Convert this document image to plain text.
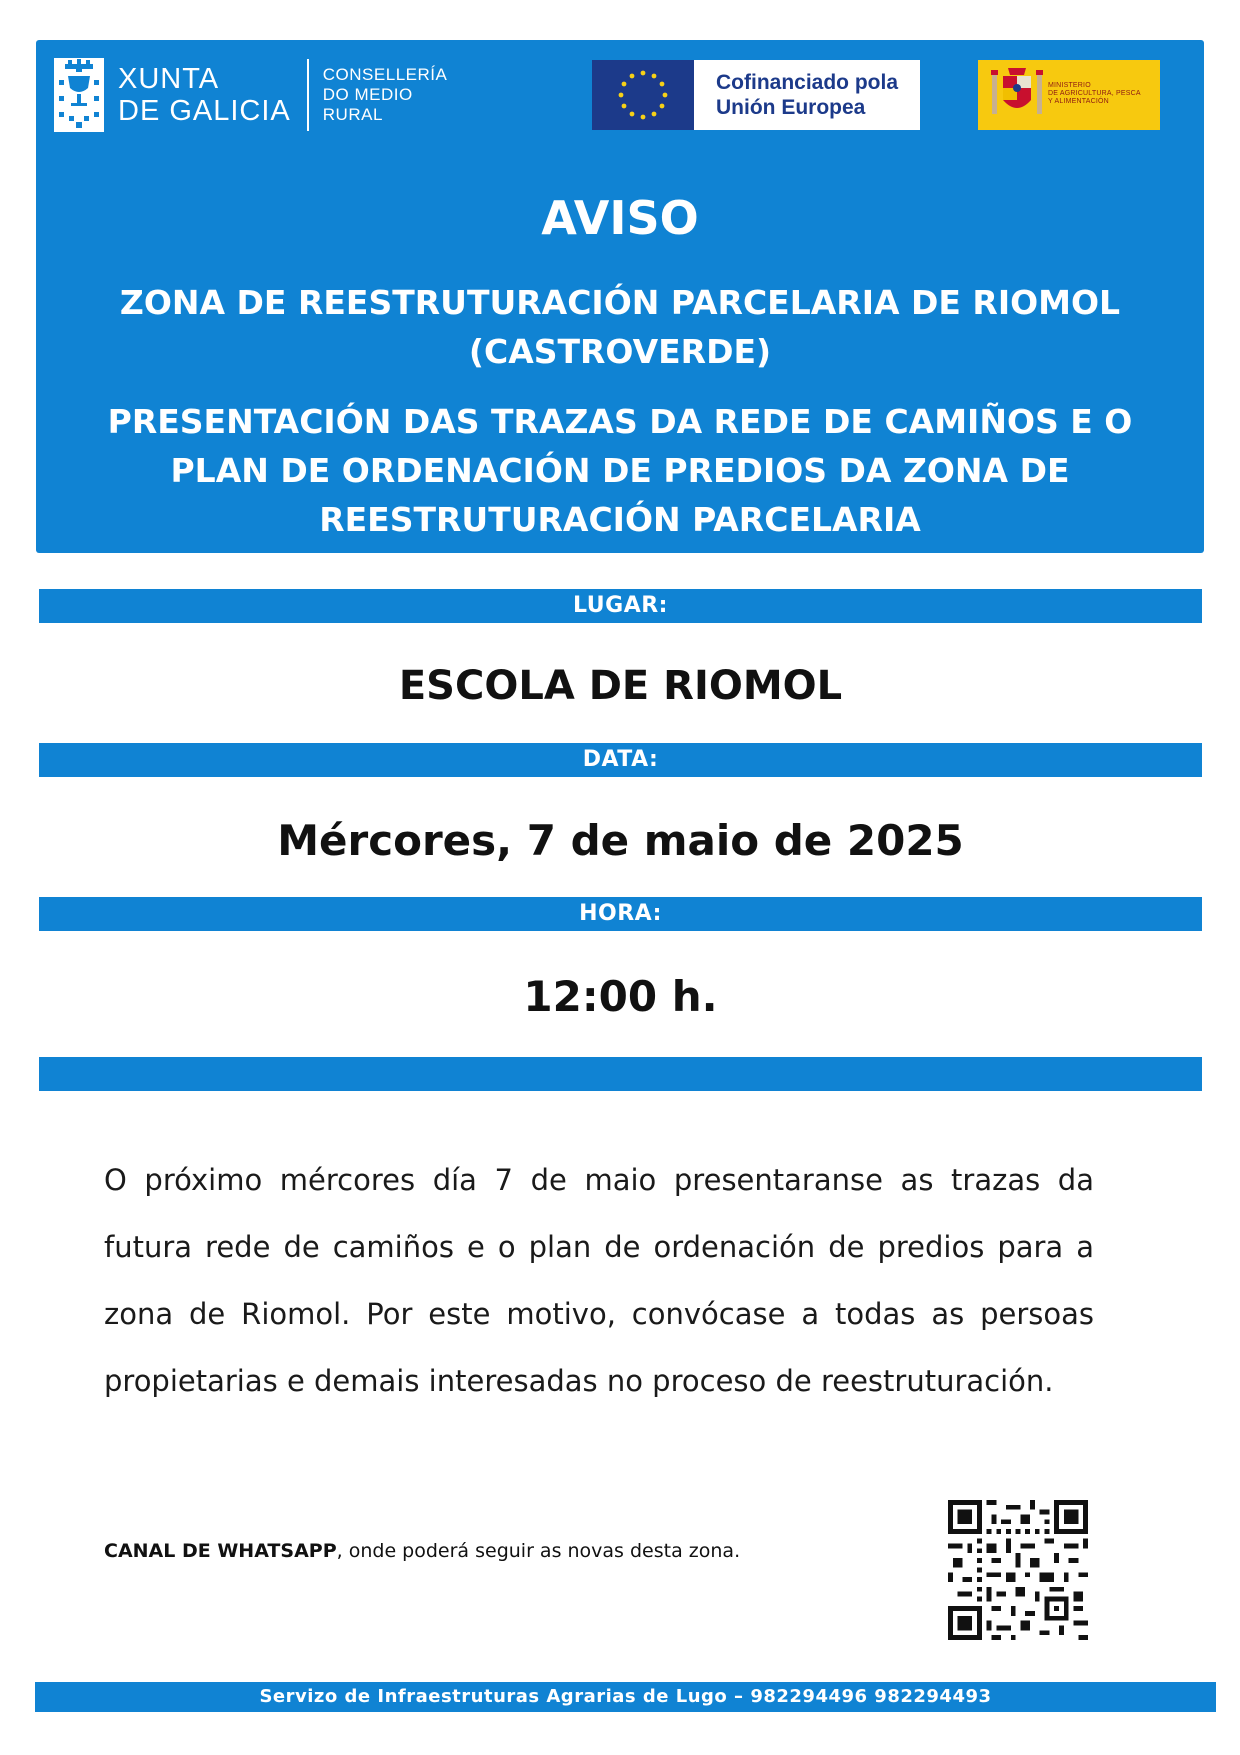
XUNTA
DE GALICIA
CONSELLERÍA
DO MEDIO
RURAL
Cofinanciado pola
Unión Europea
MINISTERIO
DE AGRICULTURA, PESCA
Y ALIMENTACIÓN
AVISO
ZONA DE REESTRUTURACIÓN PARCELARIA DE RIOMOL
(CASTROVERDE)
PRESENTACIÓN DAS TRAZAS DA REDE DE CAMIÑOS E O
PLAN DE ORDENACIÓN DE PREDIOS DA ZONA DE
REESTRUTURACIÓN PARCELARIA
LUGAR:
ESCOLA DE RIOMOL
DATA:
Mércores, 7 de maio de 2025
HORA:
12:00 h.

O próximo mércores día 7 de maio presentaranse as trazas da futura rede de camiños e o plan de ordenación de predios para a zona de Riomol. Por este motivo, convócase a todas as persoas propietarias e demais interesadas no proceso de reestruturación.

CANAL DE WHATSAPP, onde poderá seguir as novas desta zona.
Servizo de Infraestruturas Agrarias de Lugo – 982294496 982294493
